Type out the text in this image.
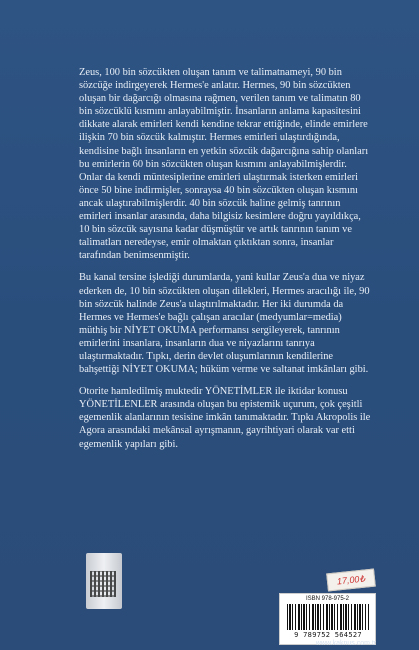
Zeus, 100 bin sözcükten oluşan tanım ve talimatnameyi, 90 bin sözcüğe indirgeyerek Hermes'e anlatır. Hermes, 90 bin sözcükten oluşan bir dağarcığı olmasına rağmen, verilen tanım ve talimatın 80 bin sözcüklü kısmını anlayabilmiştir. İnsanların anlama kapasitesini dikkate alarak emirleri kendi kendine tekrar ettiğinde, elinde emirlere ilişkin 70 bin sözcük kalmıştır. Hermes emirleri ulaştırdığında, kendisine bağlı insanların en yetkin sözcük dağarcığına sahip olanları bu emirlerin 60 bin sözcükten oluşan kısmını anlayabilmişlerdir. Onlar da kendi müntesiplerine emirleri ulaştırmak isterken emirleri önce 50 bine indirmişler, sonraysa 40 bin sözcükten oluşan kısmını ancak ulaştırabilmişlerdir. 40 bin sözcük haline gelmiş tanrının emirleri insanlar arasında, daha bilgisiz kesimlere doğru yayıldıkça, 10 bin sözcük sayısına kadar düşmüştür ve artık tanrının tanım ve talimatları neredeyse, emir olmaktan çıktıktan sonra, insanlar tarafından benimsenmiştir.

Bu kanal tersine işlediği durumlarda, yani kullar Zeus'a dua ve niyaz ederken de, 10 bin sözcükten oluşan dilekleri, Hermes aracılığı ile, 90 bin sözcük halinde Zeus'a ulaştırılmaktadır. Her iki durumda da Hermes ve Hermes'e bağlı çalışan aracılar (medyumlar=media) müthiş bir NİYET OKUMA performansı sergileyerek, tanrının emirlerini insanlara, insanların dua ve niyazlarını tanrıya ulaştırmaktadır. Tıpkı, derin devlet oluşumlarının kendilerine bahşettiği NİYET OKUMA; hüküm verme ve saltanat imkânları gibi.

Otorite hamledilmiş muktedir YÖNETİMLER ile iktidar konusu YÖNETİLENLER arasında oluşan bu epistemik uçurum, çok çeşitli egemenlik alanlarının tesisine imkân tanımaktadır. Tıpkı Akropolis ile Agora arasındaki mekânsal ayrışmanın, gayrihtiyari olarak var etti egemenlik yapıları gibi.

17,00₺
ISBN 978-975-2
9 789752 564527
www.kaknus.com.tr
